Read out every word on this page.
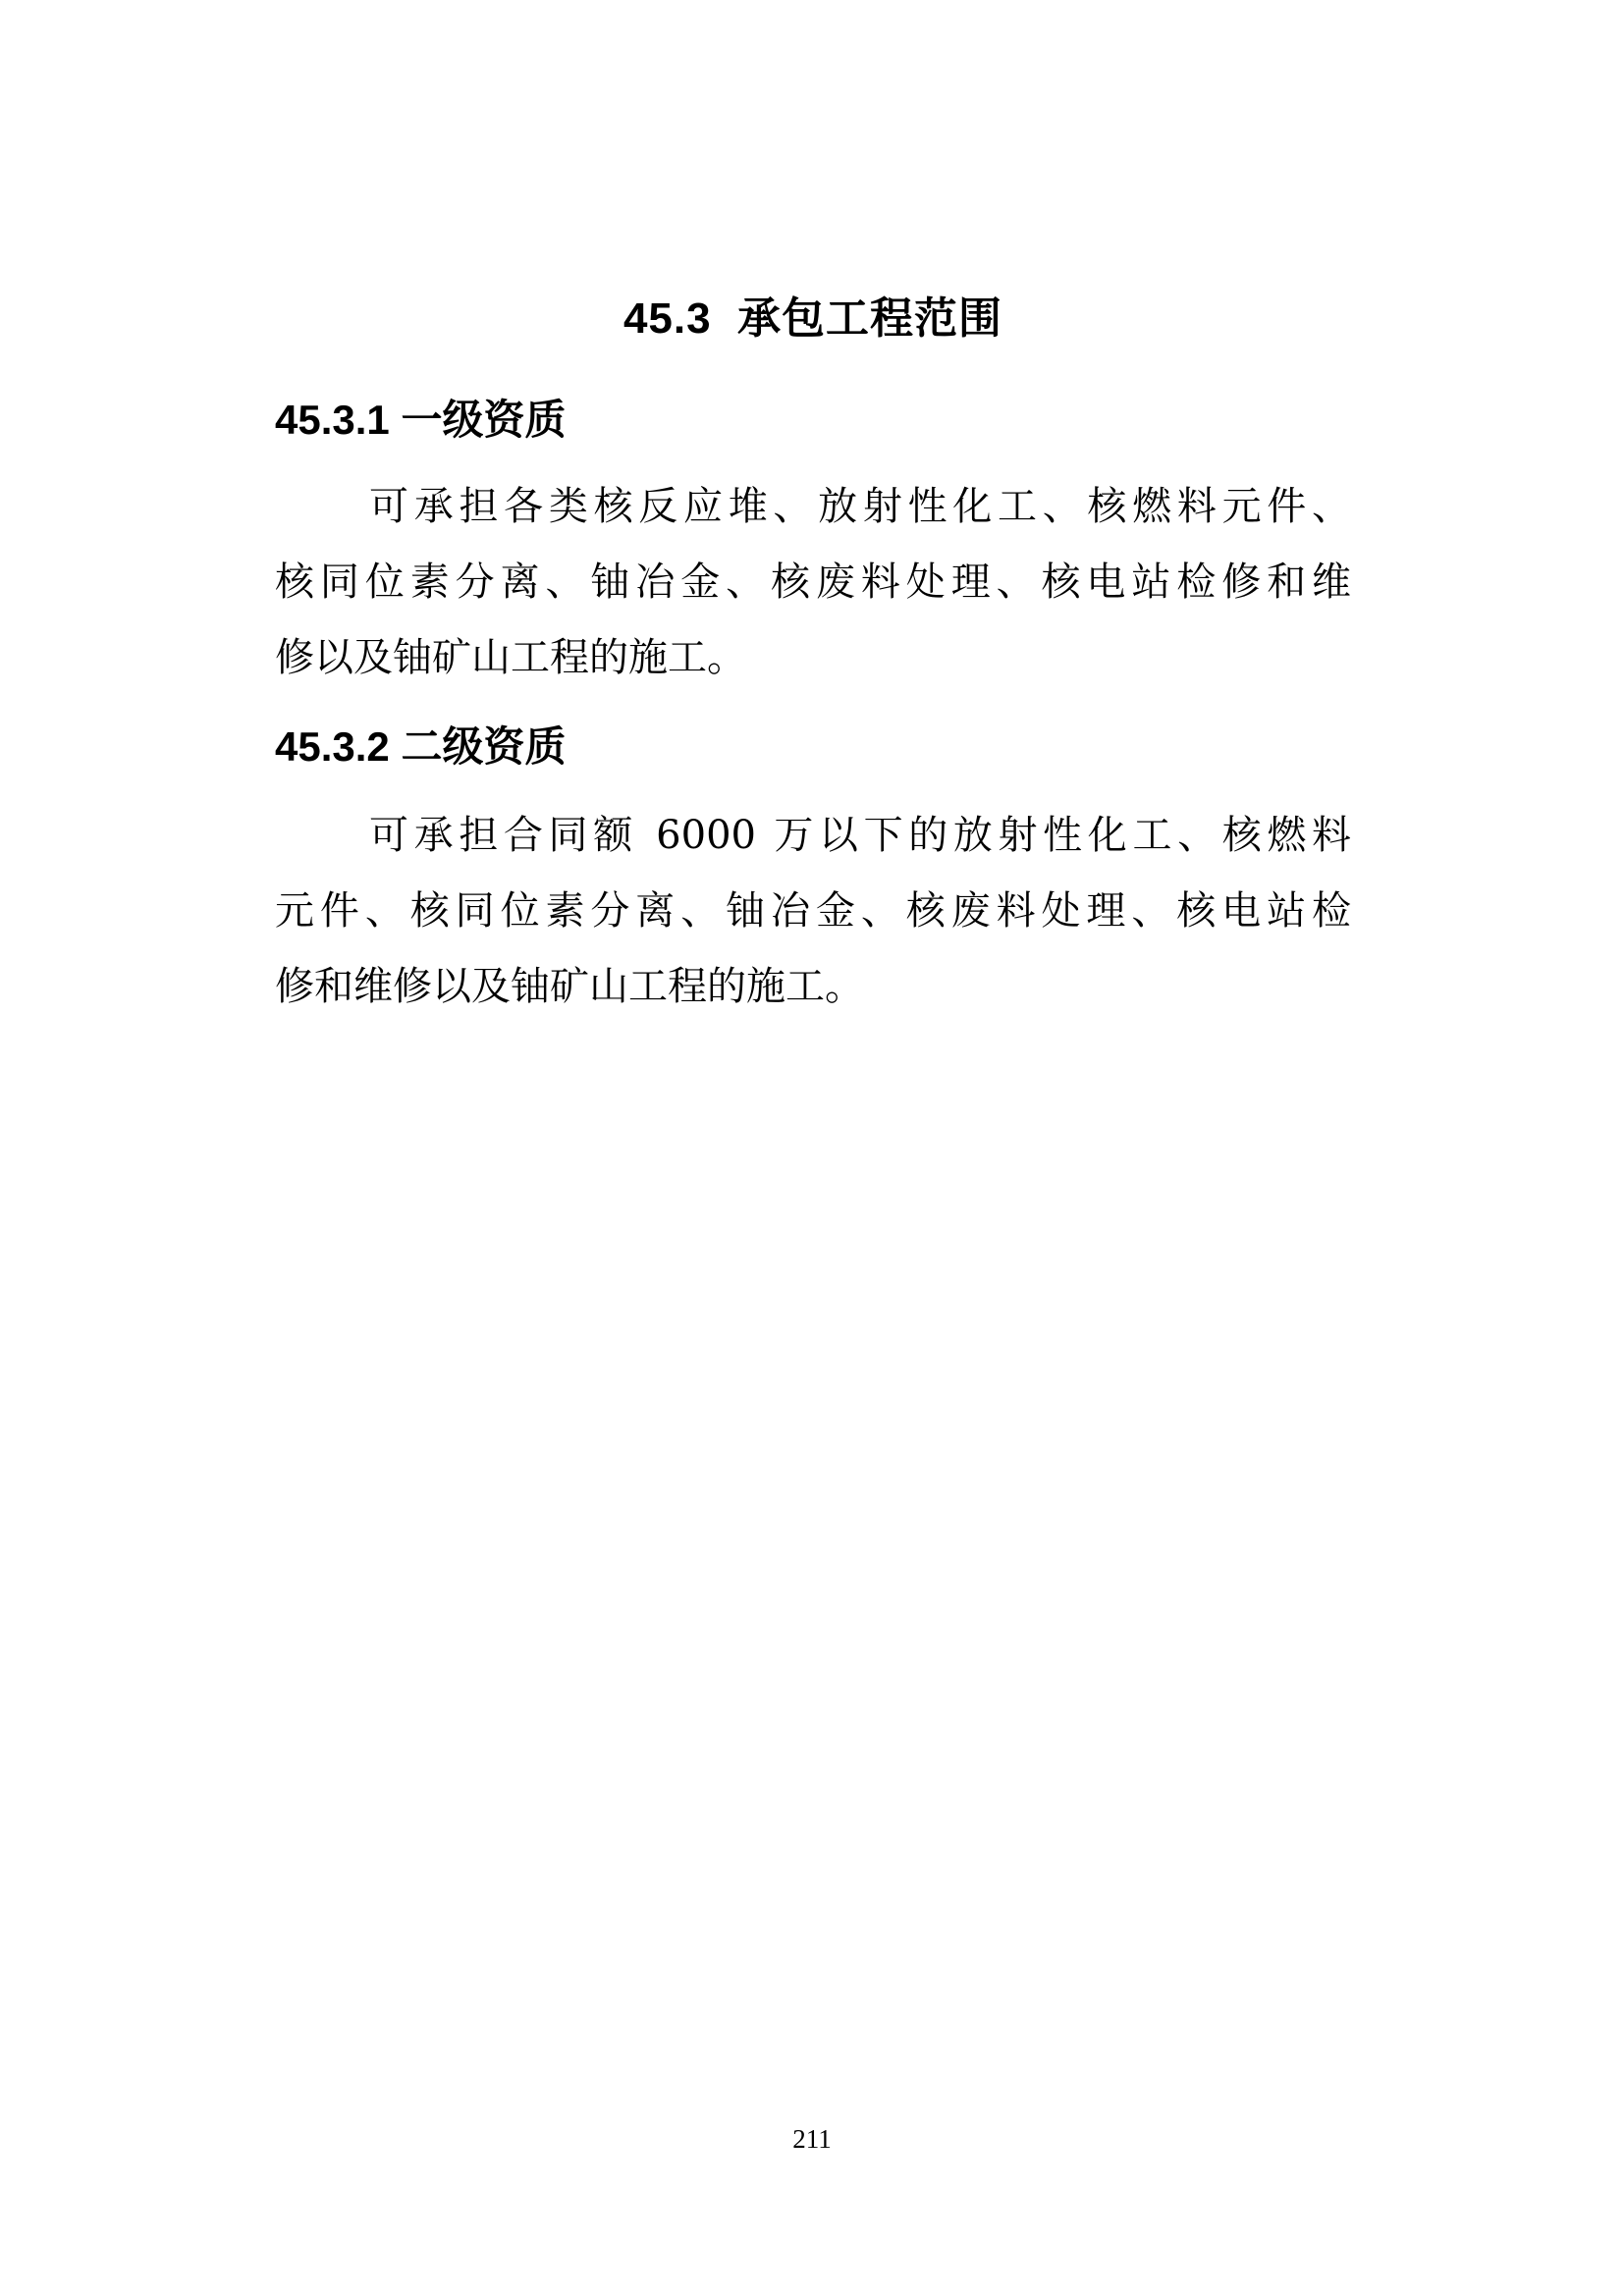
45.3  承包工程范围
45.3.1 一级资质
可承担各类核反应堆、放射性化工、核燃料元件、
核同位素分离、铀冶金、核废料处理、核电站检修和维
修以及铀矿山工程的施工。
45.3.2 二级资质
可承担合同额 6000 万以下的放射性化工、核燃料
元件、核同位素分离、铀冶金、核废料处理、核电站检
修和维修以及铀矿山工程的施工。
211
